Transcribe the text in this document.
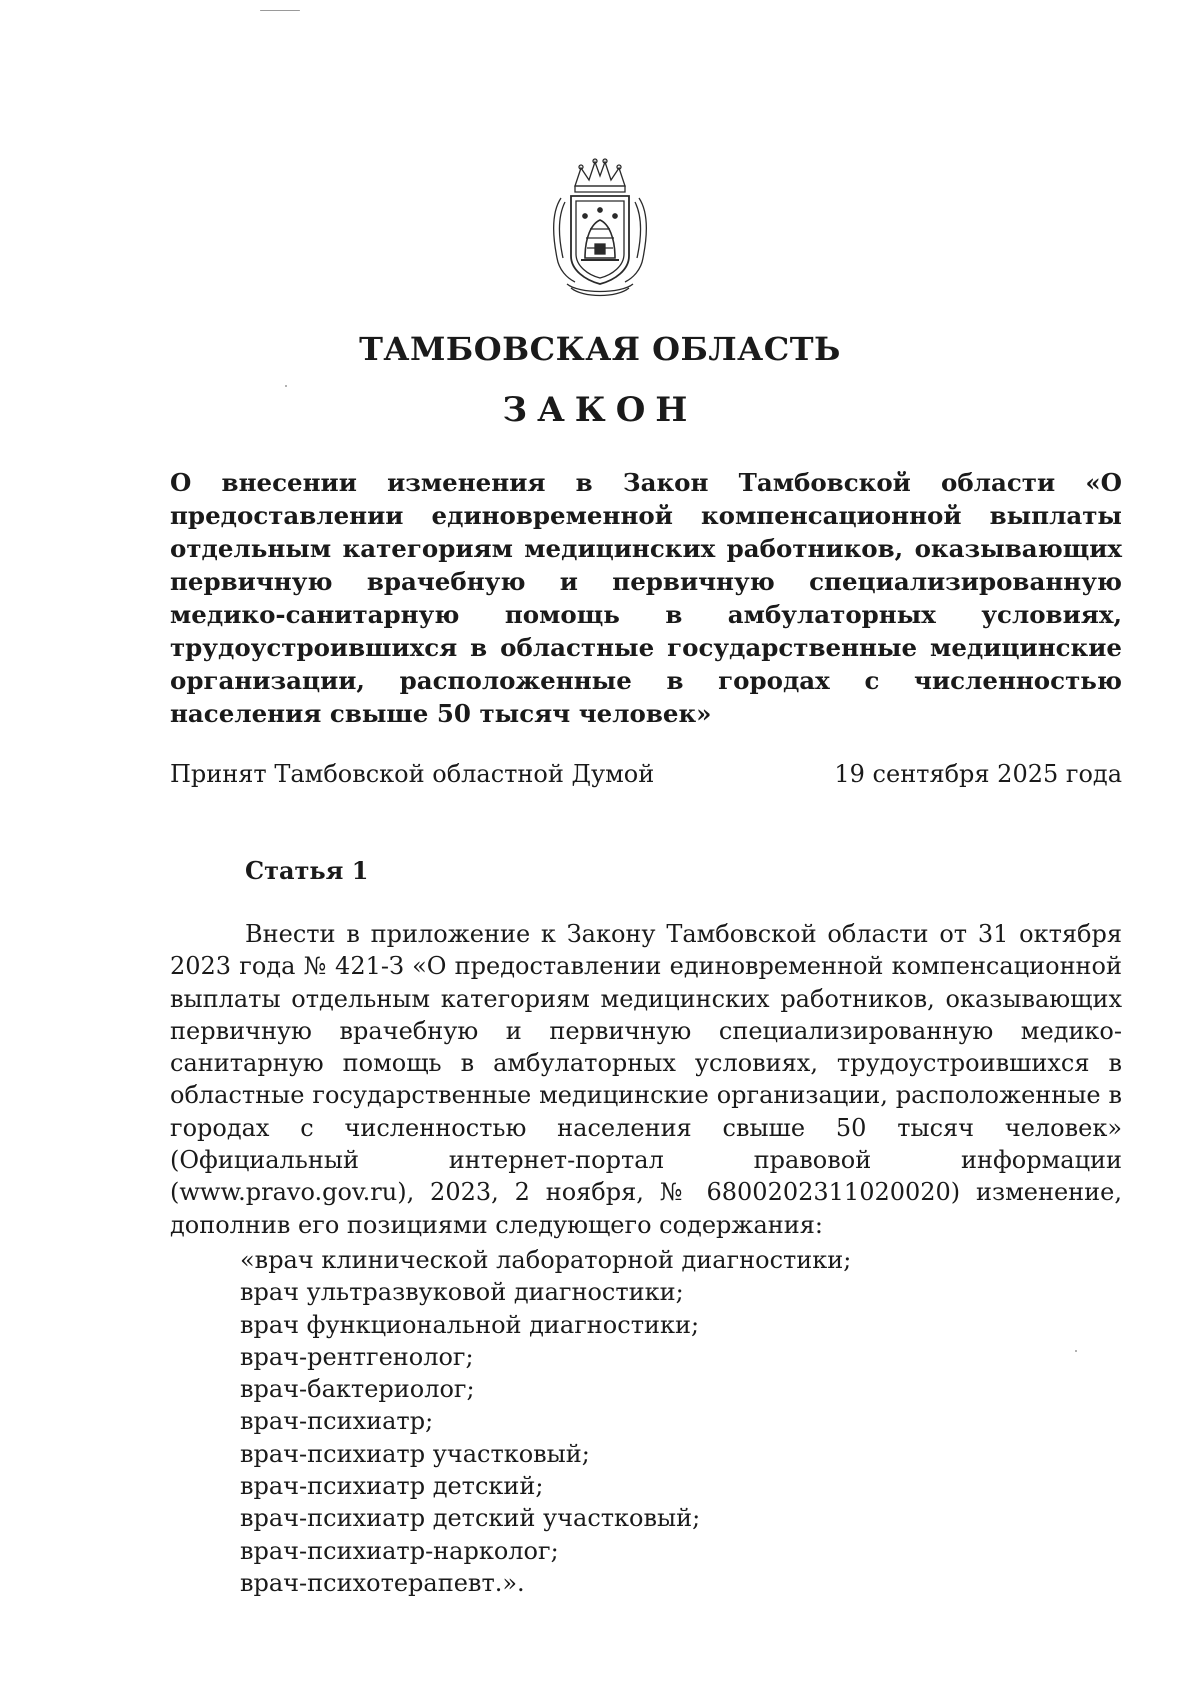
ТАМБОВСКАЯ ОБЛАСТЬ
ЗАКОН
О внесении изменения в Закон Тамбовской области «О предоставлении единовременной компенсационной выплаты отдельным категориям медицинских работников, оказывающих первичную врачебную и первичную специализированную медико-санитарную помощь в амбулаторных условиях, трудоустроившихся в областные государственные медицинские организации, расположенные в городах с численностью населения свыше 50 тысяч человек»
Принят Тамбовской областной Думой	19 сентября 2025 года
Статья 1

Внести в приложение к Закону Тамбовской области от 31 октября 2023 года № 421-З «О предоставлении единовременной компенсационной выплаты отдельным категориям медицинских работников, оказывающих первичную врачебную и первичную специализированную медико-санитарную помощь в амбулаторных условиях, трудоустроившихся в областные государственные медицинские организации, расположенные в городах с численностью населения свыше 50 тысяч человек» (Официальный интернет-портал правовой информации (www.pravo.gov.ru), 2023, 2 ноября, № 6800202311020020) изменение, дополнив его позициями следующего содержания:

«врач клинической лабораторной диагностики;
врач ультразвуковой диагностики;
врач функциональной диагностики;
врач-рентгенолог;
врач-бактериолог;
врач-психиатр;
врач-психиатр участковый;
врач-психиатр детский;
врач-психиатр детский участковый;
врач-психиатр-нарколог;
врач-психотерапевт.».
